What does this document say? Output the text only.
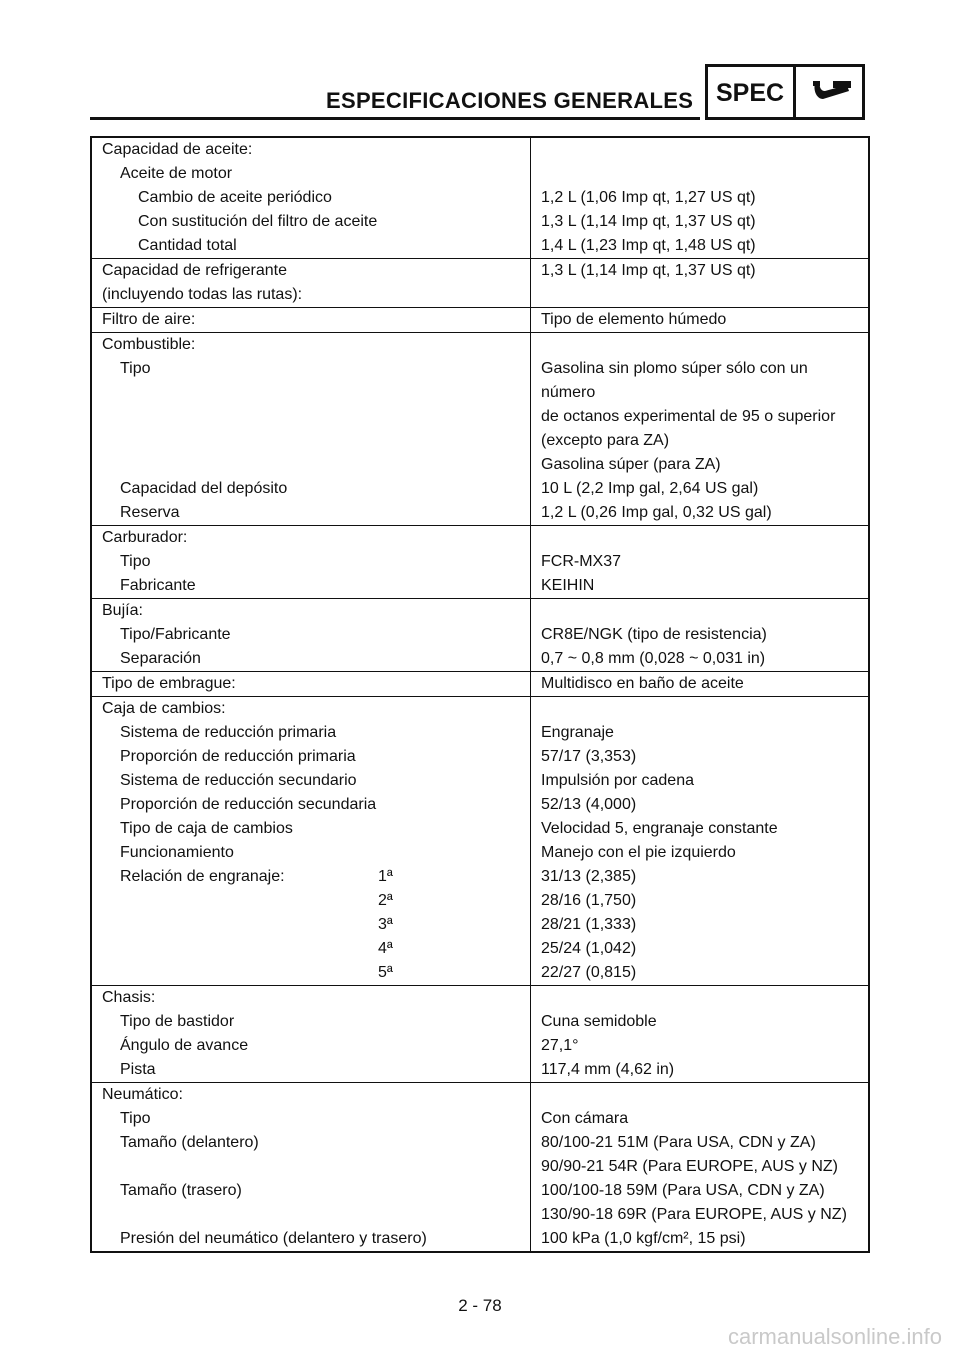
ESPECIFICACIONES GENERALES SPEC
Capacidad de aceite:	
Aceite de motor	
Cambio de aceite periódico	1,2 L (1,06 Imp qt, 1,27 US qt)
Con sustitución del filtro de aceite	1,3 L (1,14 Imp qt, 1,37 US qt)
Cantidad total	1,4 L (1,23 Imp qt, 1,48 US qt)
Capacidad de refrigerante	1,3 L (1,14 Imp qt, 1,37 US qt)
(incluyendo todas las rutas):	
Filtro de aire:	Tipo de elemento húmedo
Combustible:	
Tipo	Gasolina sin plomo súper sólo con un número
	de octanos experimental de 95 o superior
	(excepto para ZA)
	Gasolina súper (para ZA)
Capacidad del depósito	10 L (2,2 Imp gal, 2,64 US gal)
Reserva	1,2 L (0,26 Imp gal, 0,32 US gal)
Carburador:	
Tipo	FCR-MX37
Fabricante	KEIHIN
Bujía:	
Tipo/Fabricante	CR8E/NGK (tipo de resistencia)
Separación	0,7 ~ 0,8 mm (0,028 ~ 0,031 in)
Tipo de embrague:	Multidisco en baño de aceite
Caja de cambios:	
Sistema de reducción primaria	Engranaje
Proporción de reducción primaria	57/17 (3,353)
Sistema de reducción secundario	Impulsión por cadena
Proporción de reducción secundaria	52/13 (4,000)
Tipo de caja de cambios	Velocidad 5, engranaje constante
Funcionamiento	Manejo con el pie izquierdo
Relación de engranaje: 1ª	31/13 (2,385)

2ª	28/16 (1,750)

3ª	28/21 (1,333)

4ª	25/24 (1,042)

5ª	22/27 (0,815)
Chasis:	
Tipo de bastidor	Cuna semidoble
Ángulo de avance	27,1°
Pista	117,4 mm (4,62 in)
Neumático:	
Tipo	Con cámara
Tamaño (delantero)	80/100-21 51M (Para USA, CDN y ZA)
	90/90-21 54R (Para EUROPE, AUS y NZ)
Tamaño (trasero)	100/100-18 59M (Para USA, CDN y ZA)
	130/90-18 69R (Para EUROPE, AUS y NZ)
Presión del neumático (delantero y trasero)	100 kPa (1,0 kgf/cm², 15 psi)
2 - 78
carmanualsonline.info
